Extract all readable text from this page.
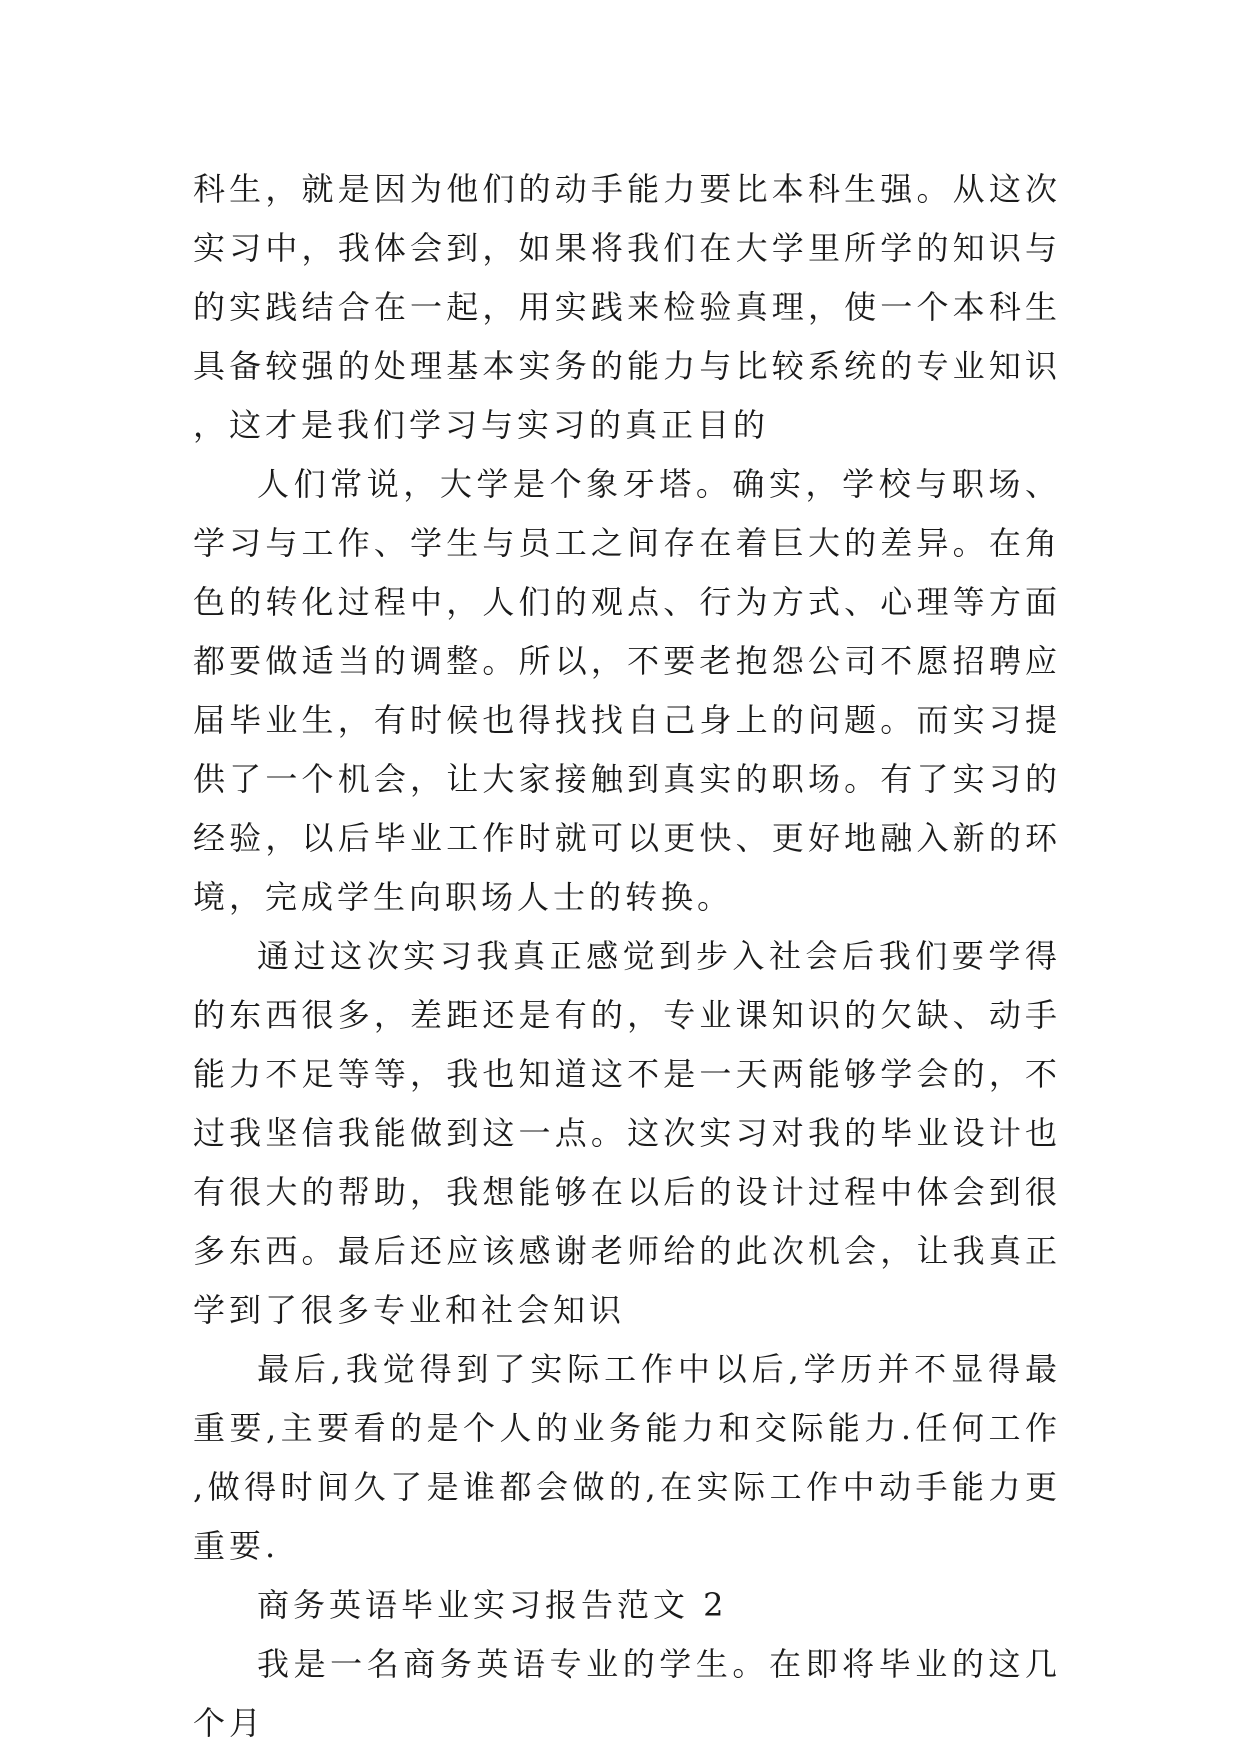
科生，就是因为他们的动手能力要比本科生强。从这次实习中，我体会到，如果将我们在大学里所学的知识与的实践结合在一起，用实践来检验真理，使一个本科生具备较强的处理基本实务的能力与比较系统的专业知识，这才是我们学习与实习的真正目的

人们常说，大学是个象牙塔。确实，学校与职场、学习与工作、学生与员工之间存在着巨大的差异。在角色的转化过程中，人们的观点、行为方式、心理等方面都要做适当的调整。所以，不要老抱怨公司不愿招聘应届毕业生，有时候也得找找自己身上的问题。而实习提供了一个机会，让大家接触到真实的职场。有了实习的经验，以后毕业工作时就可以更快、更好地融入新的环境，完成学生向职场人士的转换。

通过这次实习我真正感觉到步入社会后我们要学得的东西很多，差距还是有的，专业课知识的欠缺、动手能力不足等等，我也知道这不是一天两能够学会的，不过我坚信我能做到这一点。这次实习对我的毕业设计也有很大的帮助，我想能够在以后的设计过程中体会到很多东西。最后还应该感谢老师给的此次机会，让我真正学到了很多专业和社会知识

最后,我觉得到了实际工作中以后,学历并不显得最重要,主要看的是个人的业务能力和交际能力.任何工作,做得时间久了是谁都会做的,在实际工作中动手能力更重要.

商务英语毕业实习报告范文 2

我是一名商务英语专业的学生。在即将毕业的这几个月
